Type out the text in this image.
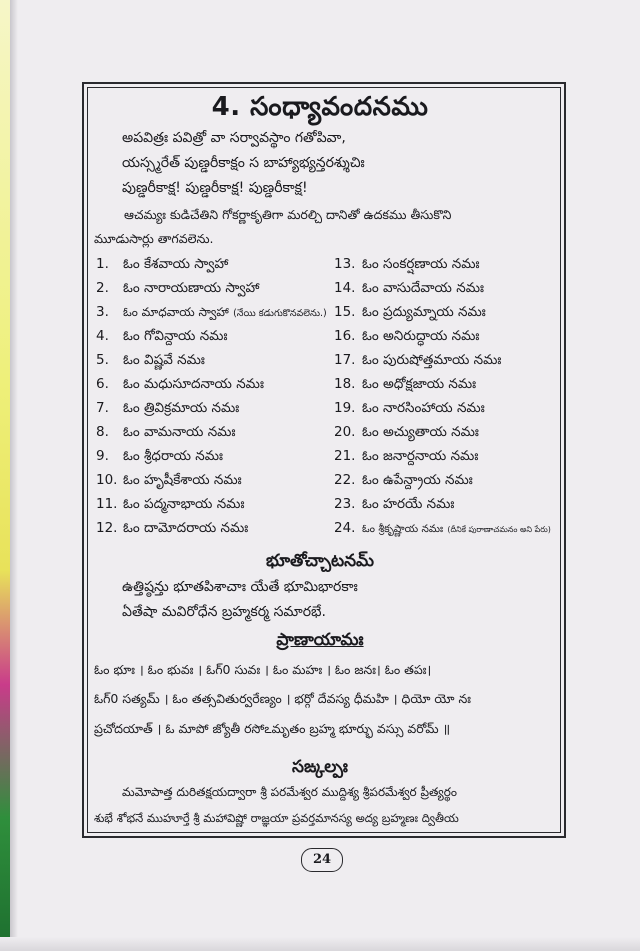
4. సంధ్యావందనము
అపవిత్రః పవిత్రో వా సర్వావస్థాం గతోపివా,
యస్స్మరేత్ పుణ్డరీకాక్షం స బాహ్యాభ్యన్తరశ్శుచిః
పుణ్డరీకాక్ష! పుణ్డరీకాక్ష! పుణ్డరీకాక్ష!
ఆచమ్యః కుడిచేతిని గోకర్ణాకృతిగా మరల్చి దానితో ఉదకము తీసుకొని
మూడుసార్లు తాగవలెను.
1.	ఓం కేశవాయ స్వాహా
2.	ఓం నారాయణాయ స్వాహా
3.	ఓం మాధవాయ స్వాహా (నేయి కడుగుకొనవలెను.)
4.	ఓం గోవిన్దాయ నమః
5.	ఓం విష్ణవే నమః
6.	ఓం మధుసూదనాయ నమః
7.	ఓం త్రివిక్రమాయ నమః
8.	ఓం వామనాయ నమః
9.	ఓం శ్రీధరాయ నమః
10. ఓం హృషీకేశాయ నమః
11. ఓం పద్మనాభాయ నమః
12. ఓం దామోదరాయ నమః
13. ఓం సంకర్షణాయ నమః
14. ఓం వాసుదేవాయ నమః
15. ఓం ప్రద్యుమ్నాయ నమః
16. ఓం అనిరుద్ధాయ నమః
17. ఓం పురుషోత్తమాయ నమః
18. ఓం అధోక్షజాయ నమః
19. ఓం నారసింహాయ నమః
20. ఓం అచ్యుతాయ నమః
21. ఓం జనార్దనాయ నమః
22. ఓం ఉపేన్ద్రాయ నమః
23. ఓం హరయే నమః
24. ఓం శ్రీకృష్ణాయ నమః (దీనికే పురాణాచమనం అని పేరు)
భూతోచ్చాటనమ్
ఉత్తిష్ఠన్తు భూతపిశాచాః యేతే భూమిభారకాః
ఏతేషా మవిరోధేన బ్రహ్మకర్మ సమారభే.
ప్రాణాయామః
ఓం భూః । ఓం భువః । ఓగ్0 సువః । ఓం మహః । ఓం జనః। ఓం తపః।
ఓగ్0 సత్యమ్ । ఓం తత్సవితుర్వరేణ్యం । భర్గో దేవస్య ధీమహి । ధియో యో నః
ప్రచోదయాత్ । ఓ మాపో జ్యోతీ రసోఽమృతం బ్రహ్మ భూర్భు వస్సు వరోమ్ ॥
సఙ్కల్పః
మమోపాత్త దురితక్షయద్వారా శ్రీ పరమేశ్వర ముద్దిశ్య శ్రీపరమేశ్వర ప్రీత్యర్థం
శుభే శోభనే ముహూర్తే శ్రీ మహావిష్ణో రాజ్ఞయా ప్రవర్తమానస్య అద్య బ్రహ్మణః ద్వితీయ
24
